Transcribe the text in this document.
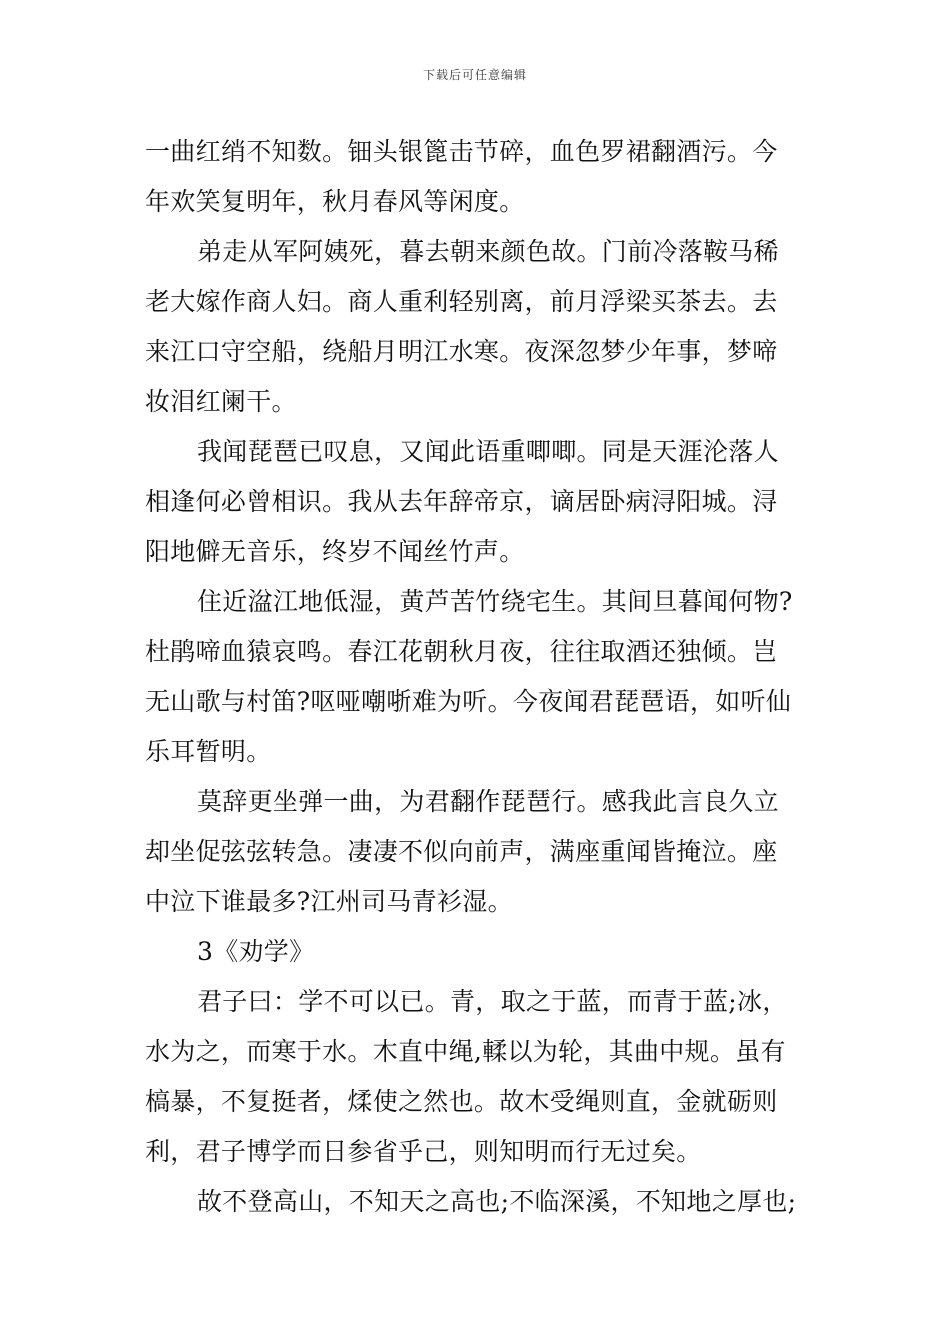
下载后可任意编辑
一曲红绡不知数。钿头银篦击节碎，血色罗裙翻酒污。今
年欢笑复明年，秋月春风等闲度。
弟走从军阿姨死，暮去朝来颜色故。门前冷落鞍马稀
老大嫁作商人妇。商人重利轻别离，前月浮梁买茶去。去
来江口守空船，绕船月明江水寒。夜深忽梦少年事，梦啼
妆泪红阑干。
我闻琵琶已叹息，又闻此语重唧唧。同是天涯沦落人
相逢何必曾相识。我从去年辞帝京，谪居卧病浔阳城。浔
阳地僻无音乐，终岁不闻丝竹声。
住近湓江地低湿，黄芦苦竹绕宅生。其间旦暮闻何物?
杜鹃啼血猿哀鸣。春江花朝秋月夜，往往取酒还独倾。岂
无山歌与村笛?呕哑嘲哳难为听。今夜闻君琵琶语，如听仙
乐耳暂明。
莫辞更坐弹一曲，为君翻作琵琶行。感我此言良久立
却坐促弦弦转急。凄凄不似向前声，满座重闻皆掩泣。座
中泣下谁最多?江州司马青衫湿。
3《劝学》
君子曰：学不可以已。青，取之于蓝，而青于蓝;冰，
水为之，而寒于水。木直中绳,輮以为轮，其曲中规。虽有
槁暴，不复挺者，煣使之然也。故木受绳则直，金就砺则
利，君子博学而日参省乎己，则知明而行无过矣。
故不登高山，不知天之高也;不临深溪，不知地之厚也;
